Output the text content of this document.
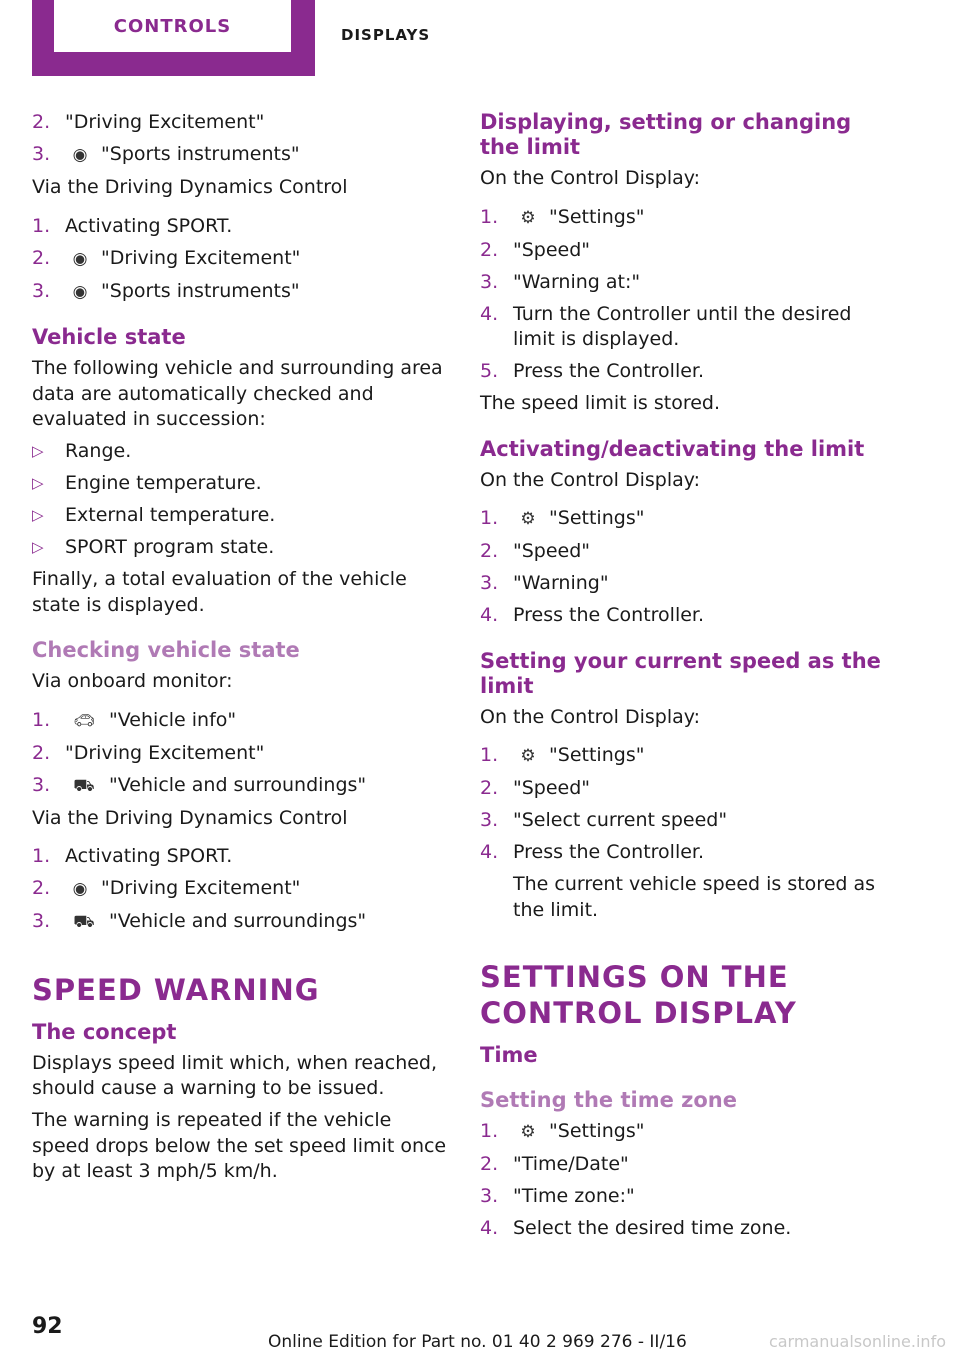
CONTROLS	DISPLAYS
2. "Driving Excitement"
3.	◉ "Sports instruments"

Via the Driving Dynamics Control

1. Activating SPORT.
2.	◉ "Driving Excitement"
3.	◉ "Sports instruments"
Vehicle state

The following vehicle and surrounding area data are automatically checked and evaluated in succession:

▷	Range.
▷	Engine temperature.
▷	External temperature.
▷	SPORT program state.

Finally, a total evaluation of the vehicle state is displayed.

Checking vehicle state

Via onboard monitor:

1.	🚗︎ "Vehicle info"
2. "Driving Excitement"
3.	⛟ "Vehicle and surroundings"

Via the Driving Dynamics Control

1. Activating SPORT.
2.	◉ "Driving Excitement"
3.	⛟ "Vehicle and surroundings"
SPEED WARNING
The concept

Displays speed limit which, when reached, should cause a warning to be issued.

The warning is repeated if the vehicle speed drops below the set speed limit once by at least 3 mph/5 km/h.

Displaying, setting or changing the limit

On the Control Display:

1.	⚙ "Settings"
2. "Speed"
3. "Warning at:"
4. Turn the Controller until the desired limit is displayed.
5. Press the Controller.

The speed limit is stored.

Activating/deactivating the limit

On the Control Display:

1.	⚙ "Settings"
2. "Speed"
3. "Warning"
4. Press the Controller.
Setting your current speed as the limit

On the Control Display:

1.	⚙ "Settings"
2. "Speed"
3. "Select current speed"
4. Press the Controller.

The current vehicle speed is stored as the limit.

SETTINGS ON THE CONTROL DISPLAY
Time
Setting the time zone
1.	⚙ "Settings"
2. "Time/Date"
3. "Time zone:"
4. Select the desired time zone.
92
Online Edition for Part no. 01 40 2 969 276 - II/16	carmanualsonline.info
